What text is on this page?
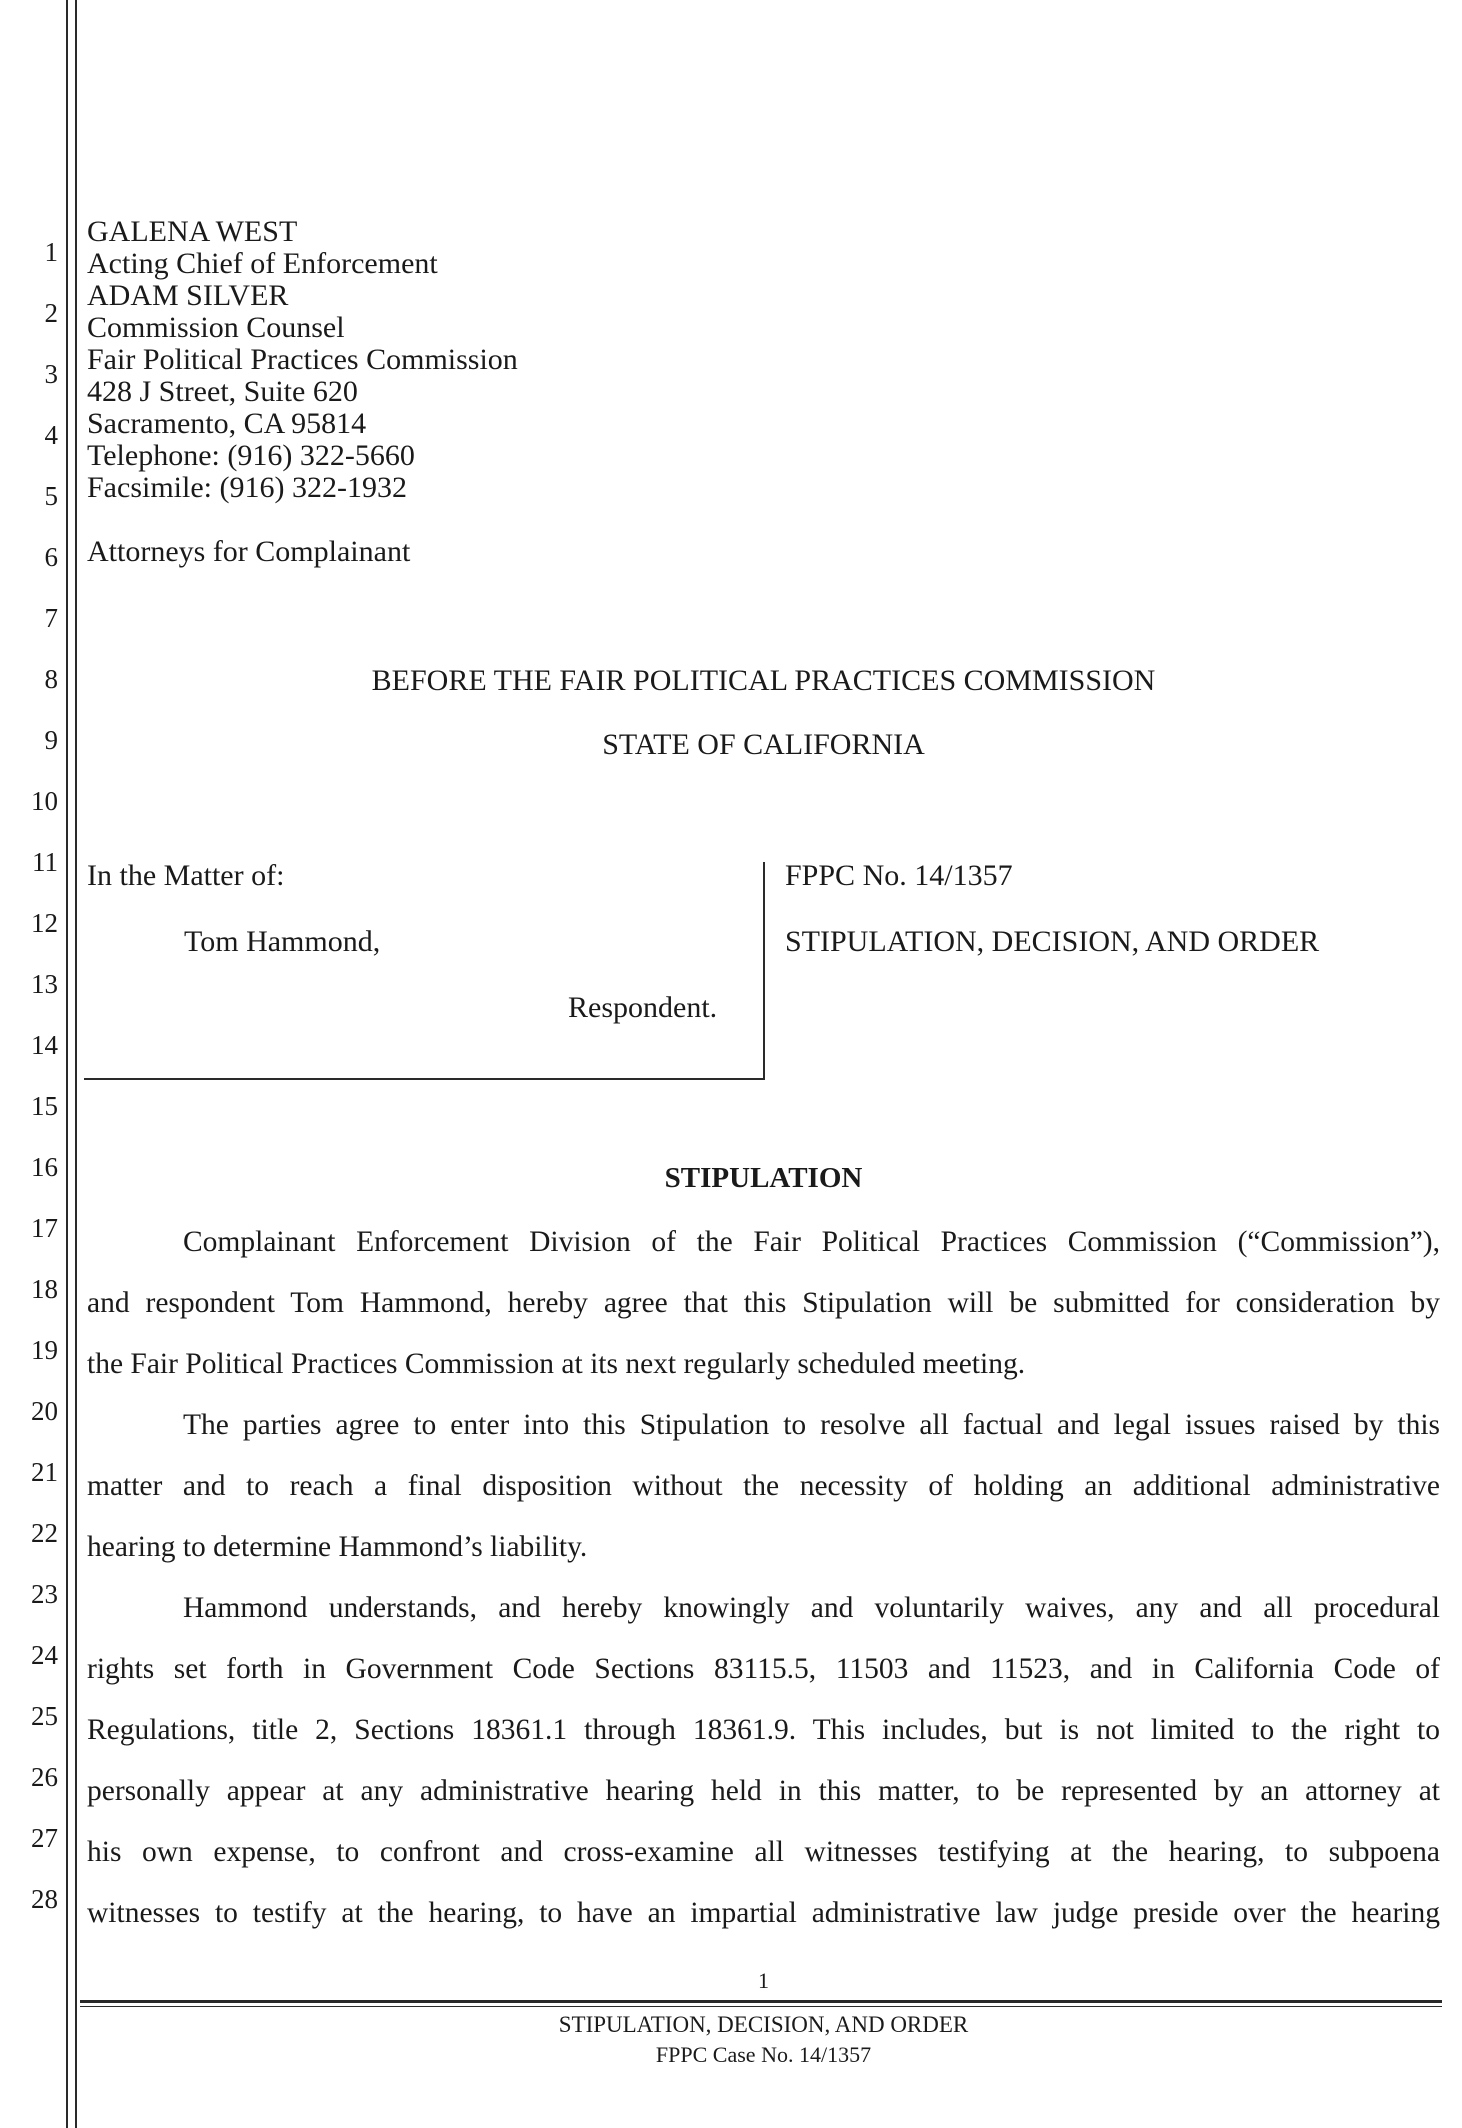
1
2
3
4
5
6
7
8
9
10
11
12
13
14
15
16
17
18
19
20
21
22
23
24
25
26
27
28
GALENA WEST
Acting Chief of Enforcement
ADAM SILVER
Commission Counsel
Fair Political Practices Commission
428 J Street, Suite 620
Sacramento, CA 95814
Telephone: (916) 322-5660
Facsimile: (916) 322-1932
Attorneys for Complainant
BEFORE THE FAIR POLITICAL PRACTICES COMMISSION
STATE OF CALIFORNIA
In the Matter of:
Tom Hammond,
Respondent.
FPPC No. 14/1357
STIPULATION, DECISION, AND ORDER
STIPULATION
Complainant Enforcement Division of the Fair Political Practices Commission (“Commission”),
and respondent Tom Hammond, hereby agree that this Stipulation will be submitted for consideration by
the Fair Political Practices Commission at its next regularly scheduled meeting.
The parties agree to enter into this Stipulation to resolve all factual and legal issues raised by this
matter and to reach a final disposition without the necessity of holding an additional administrative
hearing to determine Hammond’s liability.
Hammond understands, and hereby knowingly and voluntarily waives, any and all procedural
rights set forth in Government Code Sections 83115.5, 11503 and 11523, and in California Code of
Regulations, title 2, Sections 18361.1 through 18361.9. This includes, but is not limited to the right to
personally appear at any administrative hearing held in this matter, to be represented by an attorney at
his own expense, to confront and cross-examine all witnesses testifying at the hearing, to subpoena
witnesses to testify at the hearing, to have an impartial administrative law judge preside over the hearing
1
STIPULATION, DECISION, AND ORDER
FPPC Case No. 14/1357
